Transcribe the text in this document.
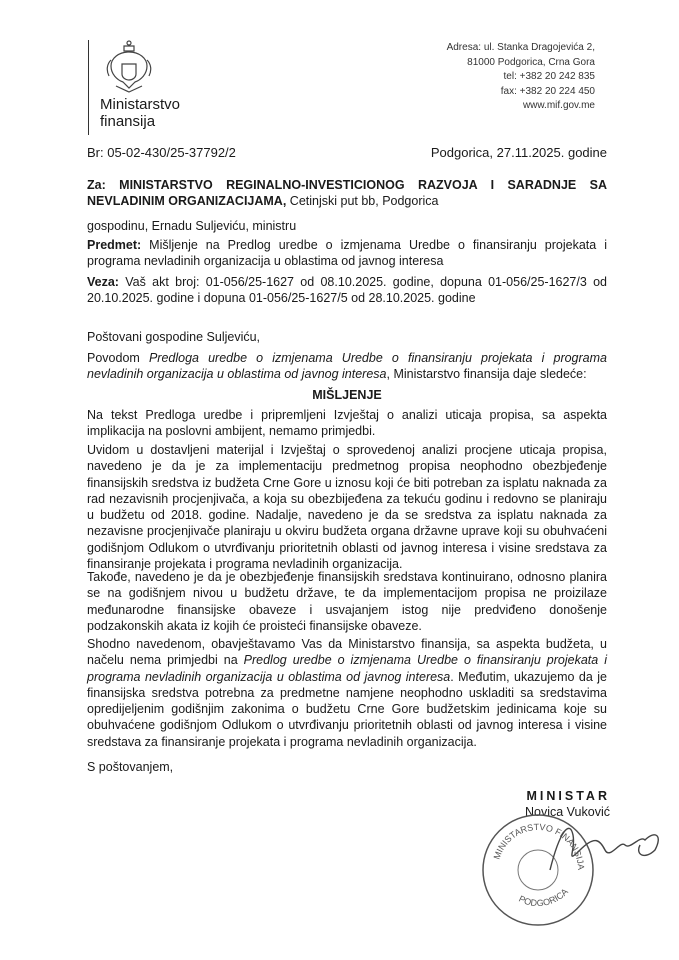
Ministarstvo
finansija
Adresa: ul. Stanka Dragojevića 2,
81000 Podgorica, Crna Gora
tel: +382 20 242 835
fax: +382 20 224 450
www.mif.gov.me
Br: 05-02-430/25-37792/2	Podgorica, 27.11.2025. godine

Za: MINISTARSTVO REGINALNO-INVESTICIONOG RAZVOJA I SARADNJE SA NEVLADINIM ORGANIZACIJAMA, Cetinjski put bb, Podgorica

gospodinu, Ernadu Suljeviću, ministru

Predmet: Mišljenje na Predlog uredbe o izmjenama Uredbe o finansiranju projekata i programa nevladinih organizacija u oblastima od javnog interesa

Veza: Vaš akt broj: 01-056/25-1627 od 08.10.2025. godine, dopuna 01-056/25-1627/3 od 20.10.2025. godine i dopuna 01-056/25-1627/5 od 28.10.2025. godine

Poštovani gospodine Suljeviću,

Povodom Predloga uredbe o izmjenama Uredbe o finansiranju projekata i programa nevladinih organizacija u oblastima od javnog interesa, Ministarstvo finansija daje sledeće:

MIŠLJENJE

Na tekst Predloga uredbe i pripremljeni Izvještaj o analizi uticaja propisa, sa aspekta implikacija na poslovni ambijent, nemamo primjedbi.

Uvidom u dostavljeni materijal i Izvještaj o sprovedenoj analizi procjene uticaja propisa, navedeno je da je za implementaciju predmetnog propisa neophodno obezbjeđenje finansijskih sredstva iz budžeta Crne Gore u iznosu koji će biti potreban za isplatu naknada za rad nezavisnih procjenjivača, a koja su obezbijeđena za tekuću godinu i redovno se planiraju u budžetu od 2018. godine. Nadalje, navedeno je da se sredstva za isplatu naknada za nezavisne procjenjivače planiraju u okviru budžeta organa državne uprave koji su obuhvaćeni godišnjom Odlukom o utvrđivanju prioritetnih oblasti od javnog interesa i visine sredstava za finansiranje projekata i programa nevladinih organizacija.

Takođe, navedeno je da je obezbjeđenje finansijskih sredstava kontinuirano, odnosno planira se na godišnjem nivou u budžetu države, te da implementacijom propisa ne proizilaze međunarodne finansijske obaveze i usvajanjem istog nije predviđeno donošenje podzakonskih akata iz kojih će proisteći finansijske obaveze.

Shodno navedenom, obavještavamo Vas da Ministarstvo finansija, sa aspekta budžeta, u načelu nema primjedbi na Predlog uredbe o izmjenama Uredbe o finansiranju projekata i programa nevladinih organizacija u oblastima od javnog interesa. Međutim, ukazujemo da je finansijska sredstva potrebna za predmetne namjene neophodno uskladiti sa sredstavima opredijeljenim godišnjim zakonima o budžetu Crne Gore budžetskim jedinicama koje su obuhvaćene godišnjom Odlukom o utvrđivanju prioritetnih oblasti od javnog interesa i visine sredstava za finansiranje projekata i programa nevladinih organizacija.

S poštovanjem,

MINISTAR
Novica Vuković
MINISTARSTVO FINANSIJA
PODGORICA
